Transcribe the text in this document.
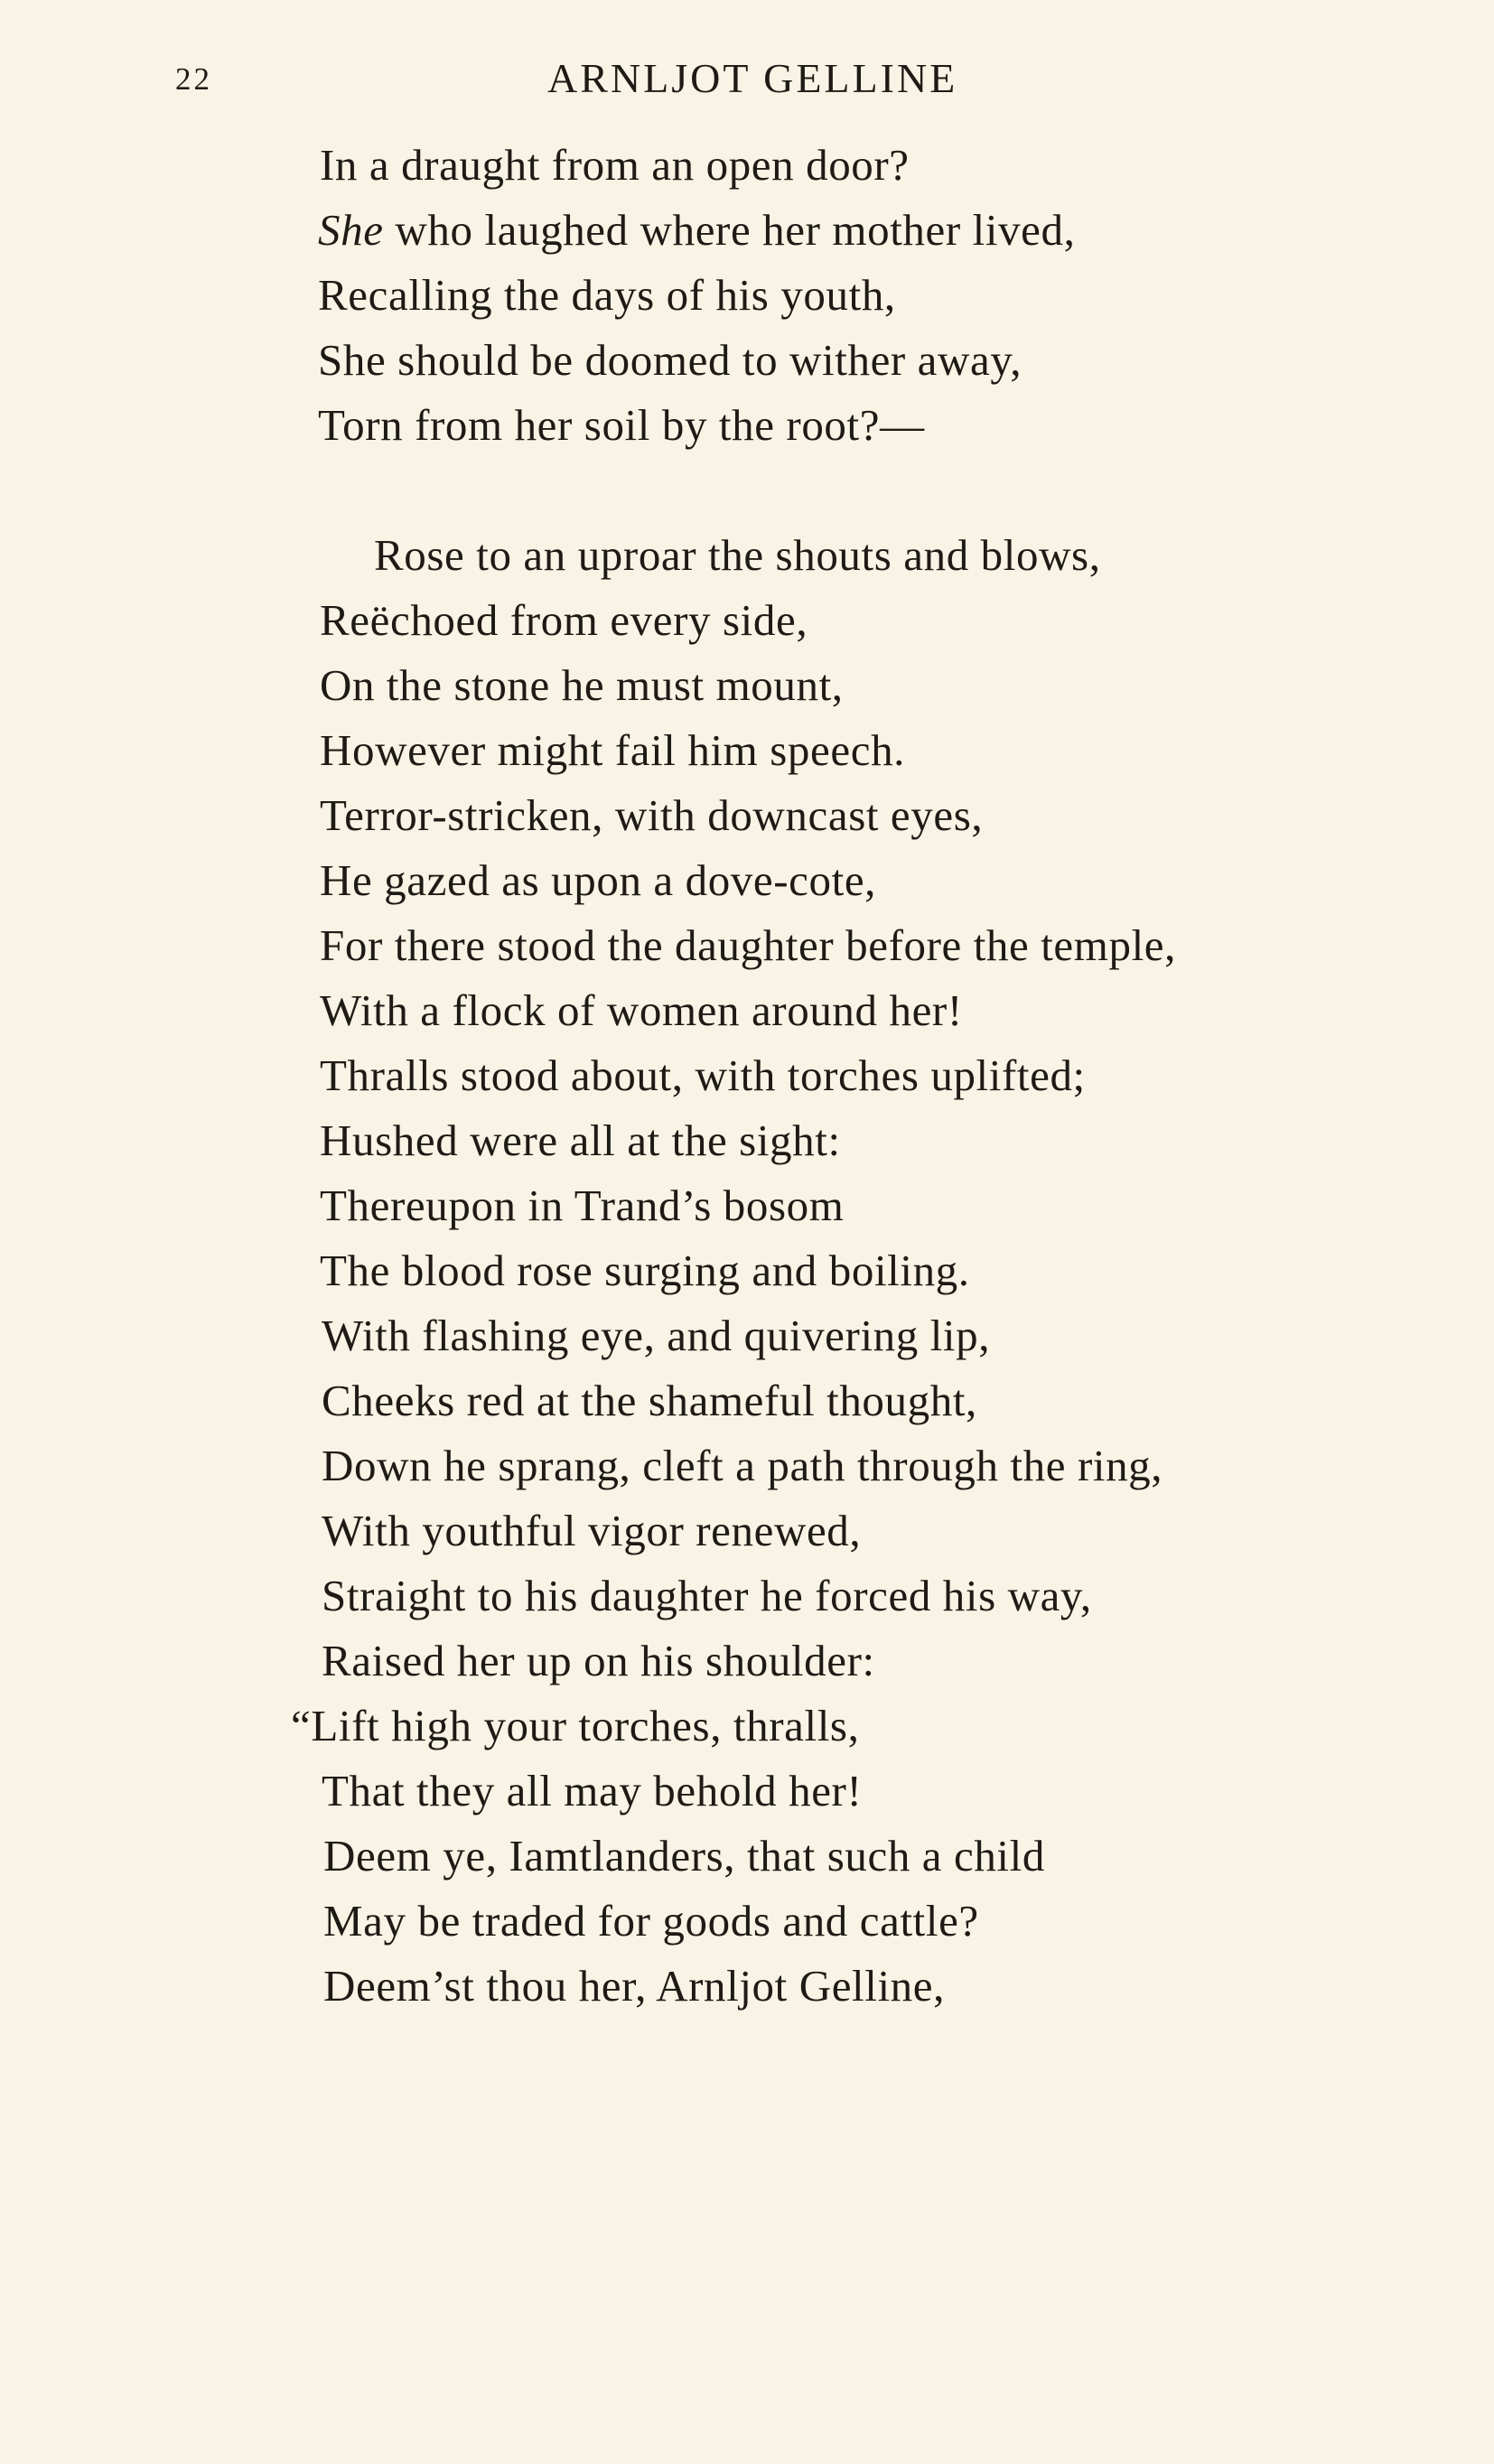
22	ARNLJOT GELLINE
In a draught from an open door?
She who laughed where her mother lived,
Recalling the days of his youth,
She should be doomed to wither away,
Torn from her soil by the root?—
Rose to an uproar the shouts and blows,
Reëchoed from every side,
On the stone he must mount,
However might fail him speech.
Terror-stricken, with downcast eyes,
He gazed as upon a dove-cote,
For there stood the daughter before the temple,
With a flock of women around her!
Thralls stood about, with torches uplifted;
Hushed were all at the sight:
Thereupon in Trand’s bosom
The blood rose surging and boiling.
With flashing eye, and quivering lip,
Cheeks red at the shameful thought,
Down he sprang, cleft a path through the ring,
With youthful vigor renewed,
Straight to his daughter he forced his way,
Raised her up on his shoulder:
“Lift high your torches, thralls,
That they all may behold her!
Deem ye, Iamtlanders, that such a child
May be traded for goods and cattle?
Deem’st thou her, Arnljot Gelline,
